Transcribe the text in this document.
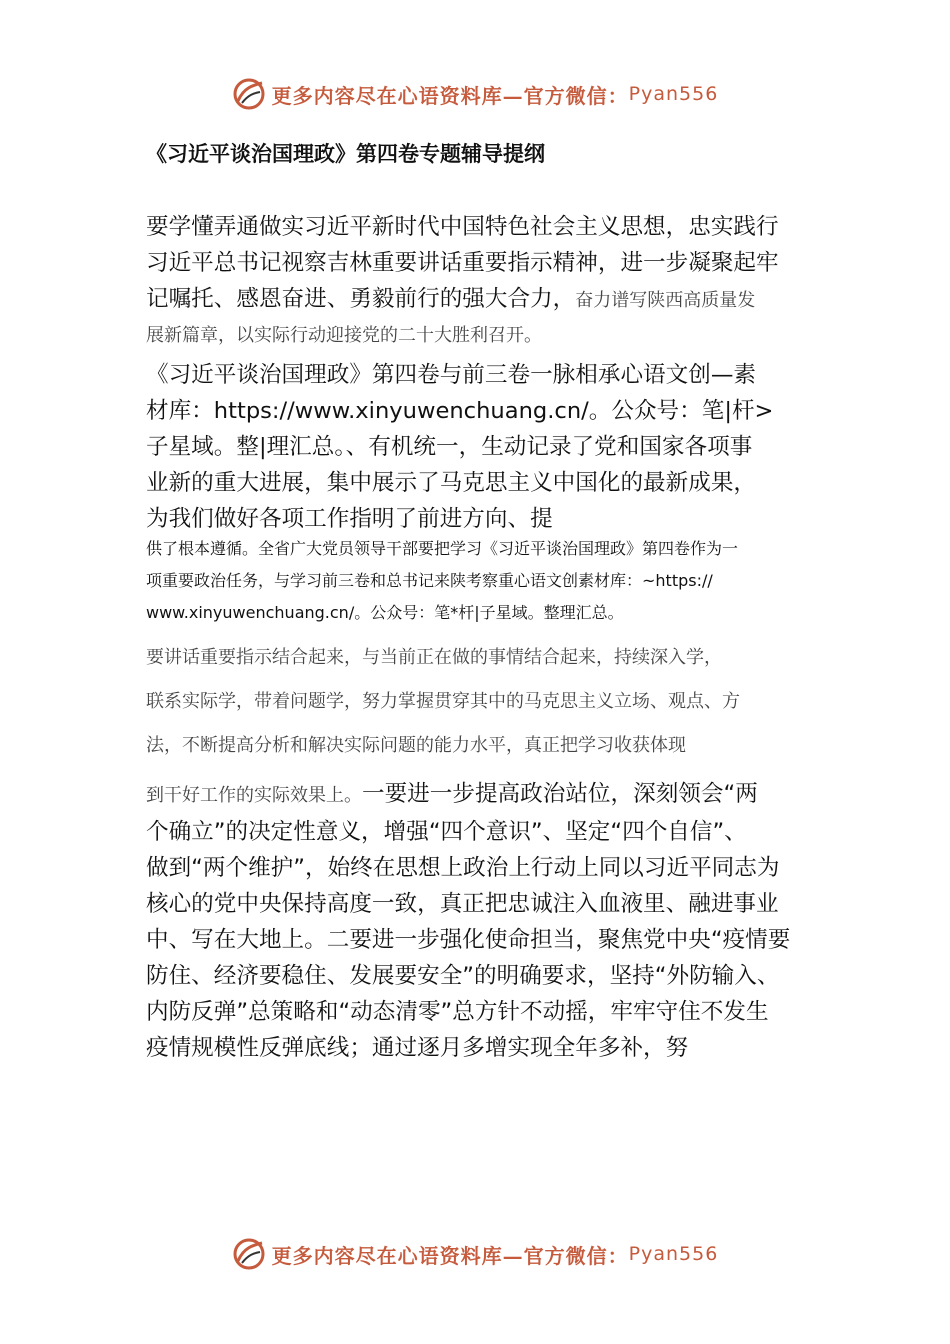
更多内容尽在心语资料库—官方微信： Pyan556
《习近平谈治国理政》第四卷专题辅导提纲
要学懂弄通做实习近平新时代中国特色社会主义思想，忠实践行
习近平总书记视察吉林重要讲话重要指示精神，进一步凝聚起牢
记嘱托、感恩奋进、勇毅前行的强大合力，奋力谱写陕西高质量发
展新篇章，以实际行动迎接党的二十大胜利召开。
《习近平谈治国理政》第四卷与前三卷一脉相承心语文创—素
材库：https://www.xinyuwenchuang.cn/。公众号：笔|杆>
子星域。整|理汇总。、有机统一，生动记录了党和国家各项事
业新的重大进展，集中展示了马克思主义中国化的最新成果，
为我们做好各项工作指明了前进方向、提
供了根本遵循。全省广大党员领导干部要把学习《习近平谈治国理政》第四卷作为一
项重要政治任务，与学习前三卷和总书记来陕考察重心语文创素材库：~https://
www.xinyuwenchuang.cn/。公众号：笔*杆|子星域。整理汇总。
要讲话重要指示结合起来，与当前正在做的事情结合起来，持续深入学，
联系实际学，带着问题学，努力掌握贯穿其中的马克思主义立场、观点、方
法，不断提高分析和解决实际问题的能力水平，真正把学习收获体现
到干好工作的实际效果上。一要进一步提高政治站位，深刻领会“两
个确立”的决定性意义，增强“四个意识”、坚定“四个自信”、
做到“两个维护”，始终在思想上政治上行动上同以习近平同志为
核心的党中央保持高度一致，真正把忠诚注入血液里、融进事业
中、写在大地上。二要进一步强化使命担当，聚焦党中央“疫情要
防住、经济要稳住、发展要安全”的明确要求，坚持“外防输入、
内防反弹”总策略和“动态清零”总方针不动摇，牢牢守住不发生
疫情规模性反弹底线；通过逐月多增实现全年多补，努
更多内容尽在心语资料库—官方微信： Pyan556
